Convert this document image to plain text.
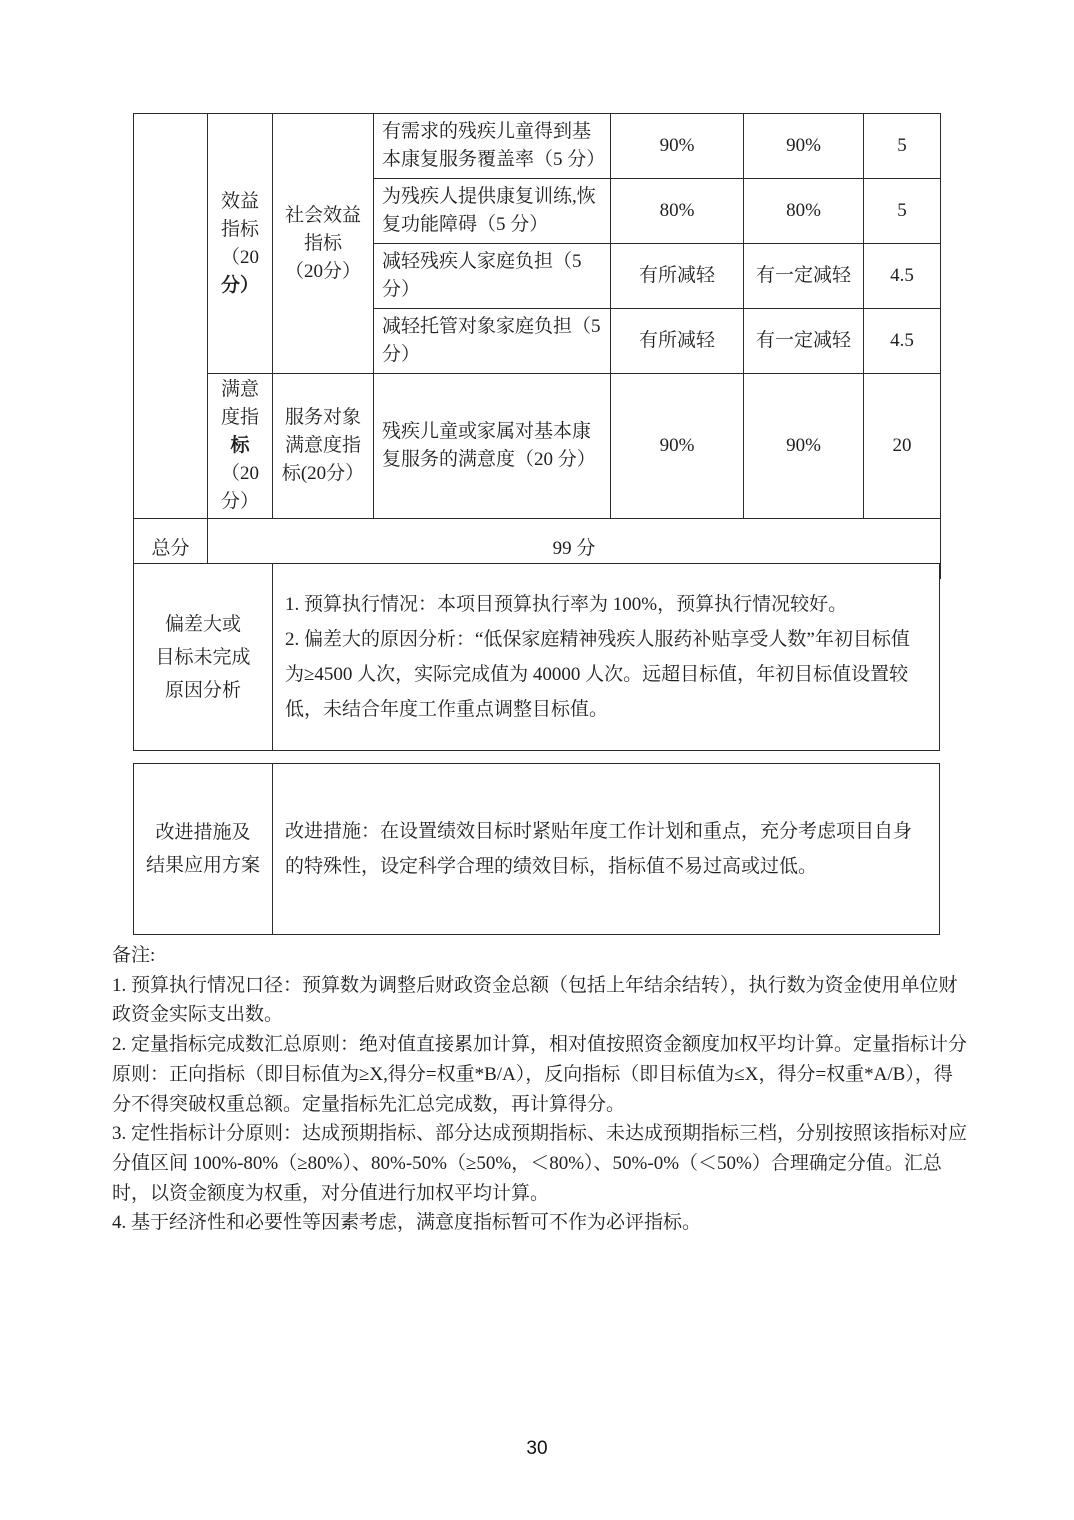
	效益
指标
（20
分）	社会效益
指标
（20分）	有需求的残疾儿童得到基本康复服务覆盖率（5 分）	90%	90%	5
			为残疾人提供康复训练,恢复功能障碍（5 分）	80%	80%	5
			减轻残疾人家庭负担（5 分）	有所减轻	有一定减轻	4.5
			减轻托管对象家庭负担（5 分）	有所减轻	有一定减轻	4.5

	满意
度指
标
（20
分）	服务对象
满意度指
标(20分）	残疾儿童或家属对基本康复服务的满意度（20 分）	90%	90%	20
总分	99 分					
偏差大或
目标未完成
原因分析

1. 预算执行情况：本项目预算执行率为 100%，预算执行情况较好。

2. 偏差大的原因分析：“低保家庭精神残疾人服药补贴享受人数”年初目标值为≥4500 人次，实际完成值为 40000 人次。远超目标值，年初目标值设置较低，未结合年度工作重点调整目标值。

改进措施及
结果应用方案

改进措施：在设置绩效目标时紧贴年度工作计划和重点，充分考虑项目自身的特殊性，设定科学合理的绩效目标，指标值不易过高或过低。

备注:

1. 预算执行情况口径：预算数为调整后财政资金总额（包括上年结余结转），执行数为资金使用单位财政资金实际支出数。

2. 定量指标完成数汇总原则：绝对值直接累加计算，相对值按照资金额度加权平均计算。定量指标计分原则：正向指标（即目标值为≥X,得分=权重*B/A），反向指标（即目标值为≤X，得分=权重*A/B），得分不得突破权重总额。定量指标先汇总完成数，再计算得分。

3. 定性指标计分原则：达成预期指标、部分达成预期指标、未达成预期指标三档，分别按照该指标对应分值区间 100%-80%（≥80%）、80%-50%（≥50%，＜80%）、50%-0%（＜50%）合理确定分值。汇总时，以资金额度为权重，对分值进行加权平均计算。

4. 基于经济性和必要性等因素考虑，满意度指标暂可不作为必评指标。

30
